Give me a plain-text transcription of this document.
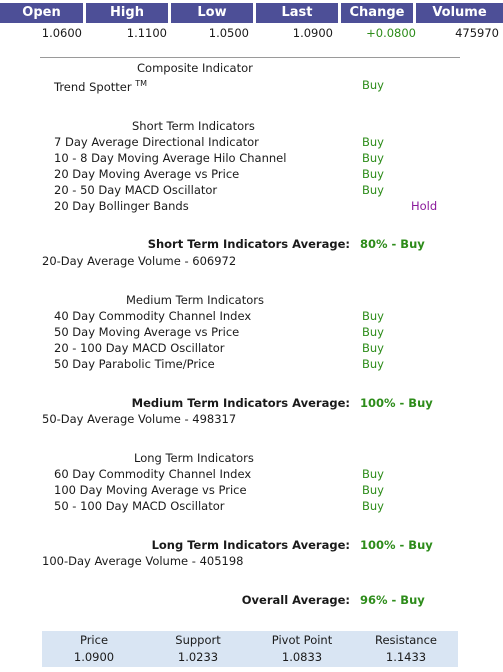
Open	High	Low	Last	Change	Volume
1.0600	1.1100	1.0500	1.0900	+0.0800	475970
Composite Indicator
Trend Spotter ™	Buy
Short Term Indicators
7 Day Average Directional Indicator	Buy
10 - 8 Day Moving Average Hilo Channel	Buy
20 Day Moving Average vs Price	Buy
20 - 50 Day MACD Oscillator	Buy
20 Day Bollinger Bands	Hold
Short Term Indicators Average: 80% - Buy
20-Day Average Volume - 606972
Medium Term Indicators
40 Day Commodity Channel Index	Buy
50 Day Moving Average vs Price	Buy
20 - 100 Day MACD Oscillator	Buy
50 Day Parabolic Time/Price	Buy
Medium Term Indicators Average: 100% - Buy
50-Day Average Volume - 498317
Long Term Indicators
60 Day Commodity Channel Index	Buy
100 Day Moving Average vs Price	Buy
50 - 100 Day MACD Oscillator	Buy
Long Term Indicators Average: 100% - Buy
100-Day Average Volume - 405198
Overall Average: 96% - Buy
Price	Support	Pivot Point	Resistance
1.0900	1.0233	1.0833	1.1433
